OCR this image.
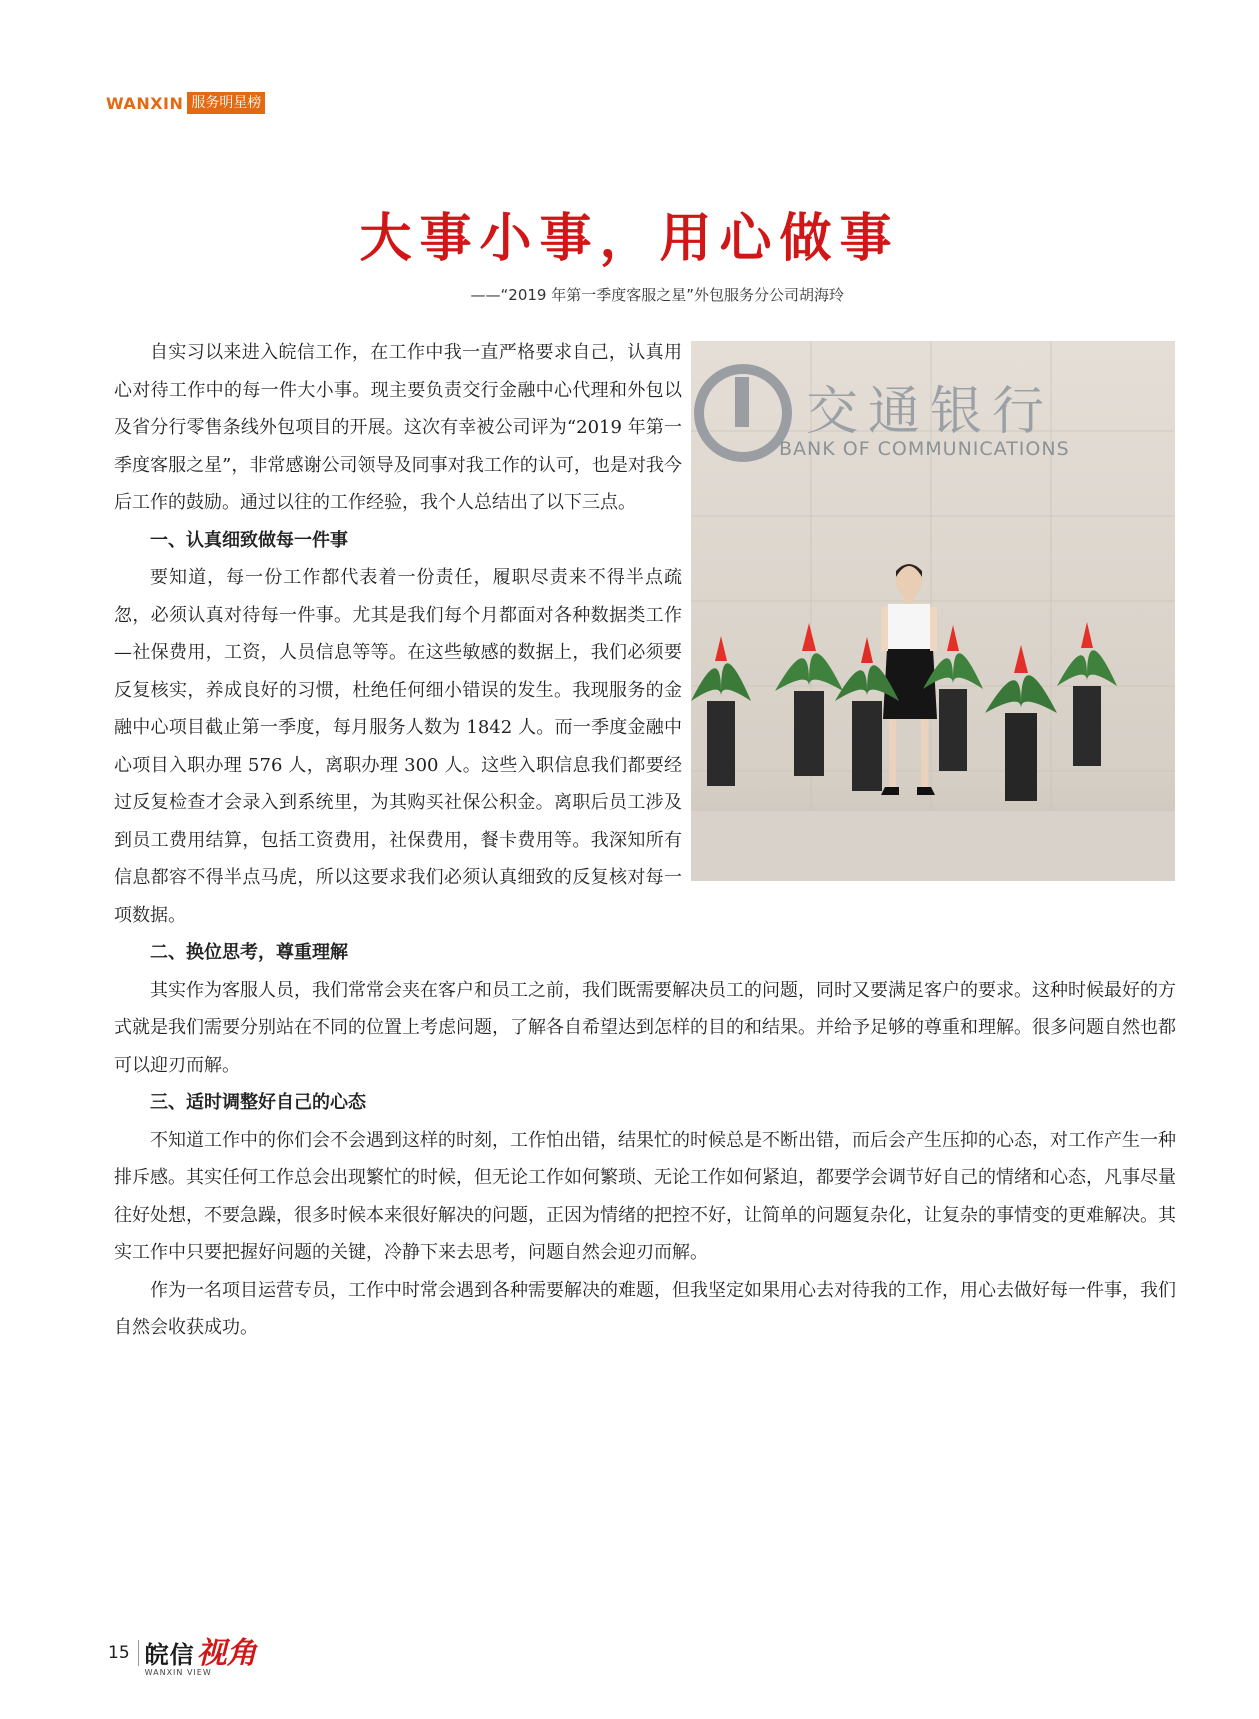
WANXIN 服务明星榜
大事小事，用心做事
——“2019 年第一季度客服之星”外包服务分公司胡海玲
交通银行
BANK OF COMMUNICATIONS

自实习以来进入皖信工作，在工作中我一直严格要求自己，认真用心对待工作中的每一件大小事。现主要负责交行金融中心代理和外包以及省分行零售条线外包项目的开展。这次有幸被公司评为“2019 年第一季度客服之星”，非常感谢公司领导及同事对我工作的认可，也是对我今后工作的鼓励。通过以往的工作经验，我个人总结出了以下三点。

一、认真细致做每一件事

要知道，每一份工作都代表着一份责任，履职尽责来不得半点疏忽，必须认真对待每一件事。尤其是我们每个月都面对各种数据类工作—社保费用，工资，人员信息等等。在这些敏感的数据上，我们必须要反复核实，养成良好的习惯，杜绝任何细小错误的发生。我现服务的金融中心项目截止第一季度，每月服务人数为 1842 人。而一季度金融中心项目入职办理 576 人，离职办理 300 人。这些入职信息我们都要经过反复检查才会录入到系统里，为其购买社保公积金。离职后员工涉及到员工费用结算，包括工资费用，社保费用，餐卡费用等。我深知所有信息都容不得半点马虎，所以这要求我们必须认真细致的反复核对每一项数据。

二、换位思考，尊重理解

其实作为客服人员，我们常常会夹在客户和员工之前，我们既需要解决员工的问题，同时又要满足客户的要求。这种时候最好的方式就是我们需要分别站在不同的位置上考虑问题，了解各自希望达到怎样的目的和结果。并给予足够的尊重和理解。很多问题自然也都可以迎刃而解。

三、适时调整好自己的心态

不知道工作中的你们会不会遇到这样的时刻，工作怕出错，结果忙的时候总是不断出错，而后会产生压抑的心态，对工作产生一种排斥感。其实任何工作总会出现繁忙的时候，但无论工作如何繁琐、无论工作如何紧迫，都要学会调节好自己的情绪和心态，凡事尽量往好处想，不要急躁，很多时候本来很好解决的问题，正因为情绪的把控不好，让简单的问题复杂化，让复杂的事情变的更难解决。其实工作中只要把握好问题的关键，冷静下来去思考，问题自然会迎刃而解。

作为一名项目运营专员，工作中时常会遇到各种需要解决的难题，但我坚定如果用心去对待我的工作，用心去做好每一件事，我们自然会收获成功。

15 皖信 视角
WANXIN VIEW
